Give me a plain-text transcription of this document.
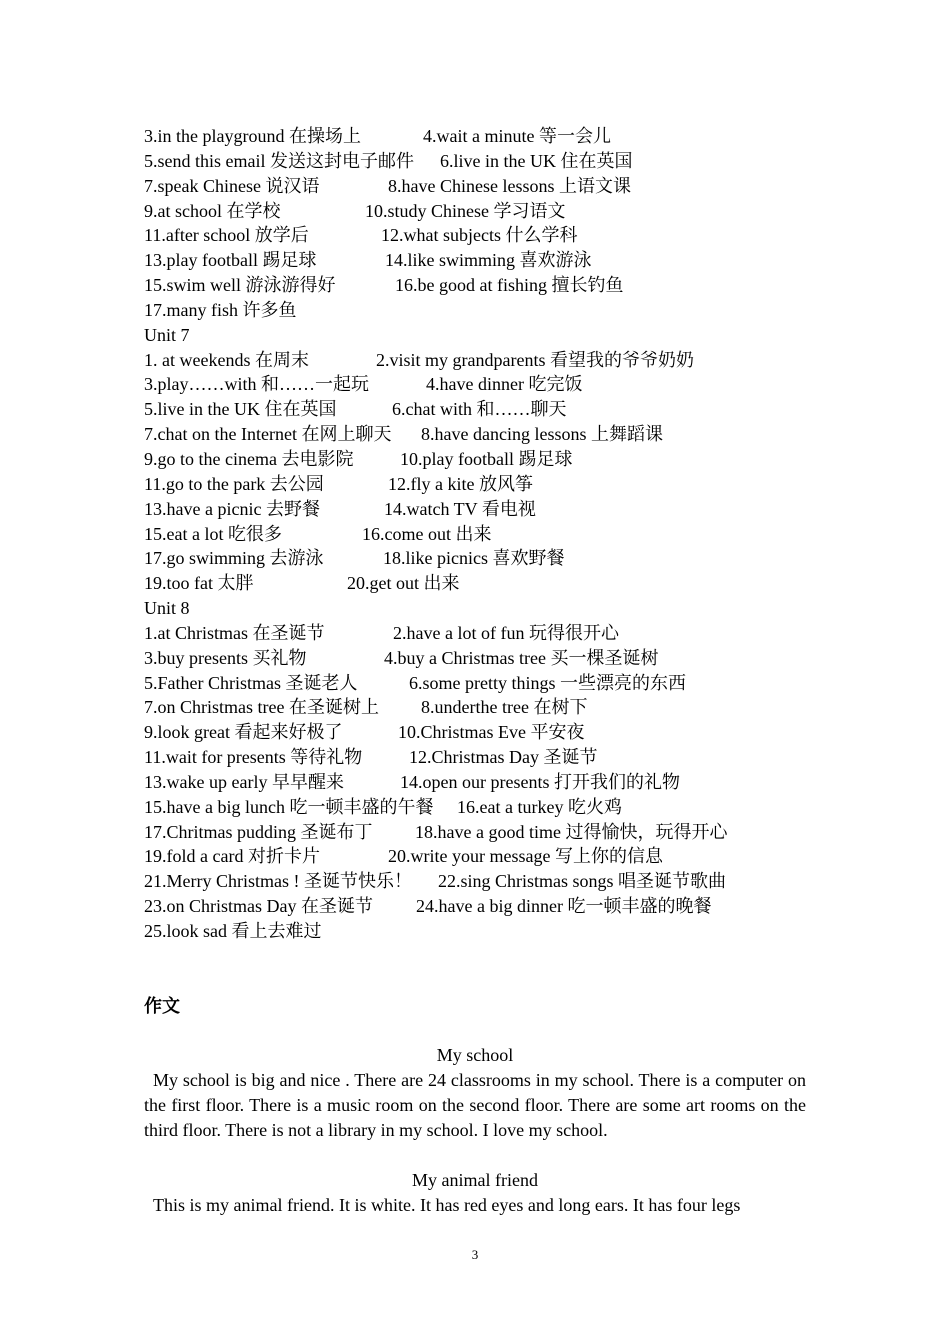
3.in the playground 在操场上	4.wait a minute 等一会儿
5.send this email 发送这封电子邮件 6.live in the UK 住在英国
7.speak Chinese 说汉语	8.have Chinese lessons 上语文课
9.at school 在学校	10.study Chinese 学习语文
11.after school 放学后	12.what subjects 什么学科
13.play football 踢足球	14.like swimming 喜欢游泳
15.swim well 游泳游得好	16.be good at fishing 擅长钓鱼
17.many fish 许多鱼
Unit 7
1. at weekends 在周末	2.visit my grandparents 看望我的爷爷奶奶
3.play……with 和……一起玩	4.have dinner 吃完饭
5.live in the UK 住在英国	6.chat with 和……聊天
7.chat on the Internet 在网上聊天 8.have dancing lessons 上舞蹈课
9.go to the cinema 去电影院	10.play football 踢足球
11.go to the park 去公园	12.fly a kite 放风筝
13.have a picnic 去野餐	14.watch TV 看电视
15.eat a lot 吃很多	16.come out 出来
17.go swimming 去游泳	18.like picnics 喜欢野餐
19.too fat 太胖	20.get out 出来
Unit 8
1.at Christmas 在圣诞节	2.have a lot of fun 玩得很开心
3.buy presents 买礼物	4.buy a Christmas tree 买一棵圣诞树
5.Father Christmas 圣诞老人	6.some pretty things 一些漂亮的东西
7.on Christmas tree 在圣诞树上 8.underthe tree 在树下
9.look great 看起来好极了	10.Christmas Eve 平安夜
11.wait for presents 等待礼物	12.Christmas Day 圣诞节
13.wake up early 早早醒来	14.open our presents 打开我们的礼物
15.have a big lunch 吃一顿丰盛的午餐 16.eat a turkey 吃火鸡
17.Chritmas pudding 圣诞布丁 18.have a good time 过得愉快，玩得开心
19.fold a card 对折卡片	20.write your message 写上你的信息
21.Merry Christmas ! 圣诞节快乐！ 22.sing Christmas songs 唱圣诞节歌曲
23.on Christmas Day 在圣诞节 24.have a big dinner 吃一顿丰盛的晚餐
25.look sad 看上去难过
作文
My school
My school is big and nice . There are 24 classrooms in my school. There is a computer on the first floor. There is a music room on the second floor. There are some art rooms on the third floor. There is not a library in my school. I love my school.
My animal friend
This is my animal friend. It is white. It has red eyes and long ears. It has four legs
3
